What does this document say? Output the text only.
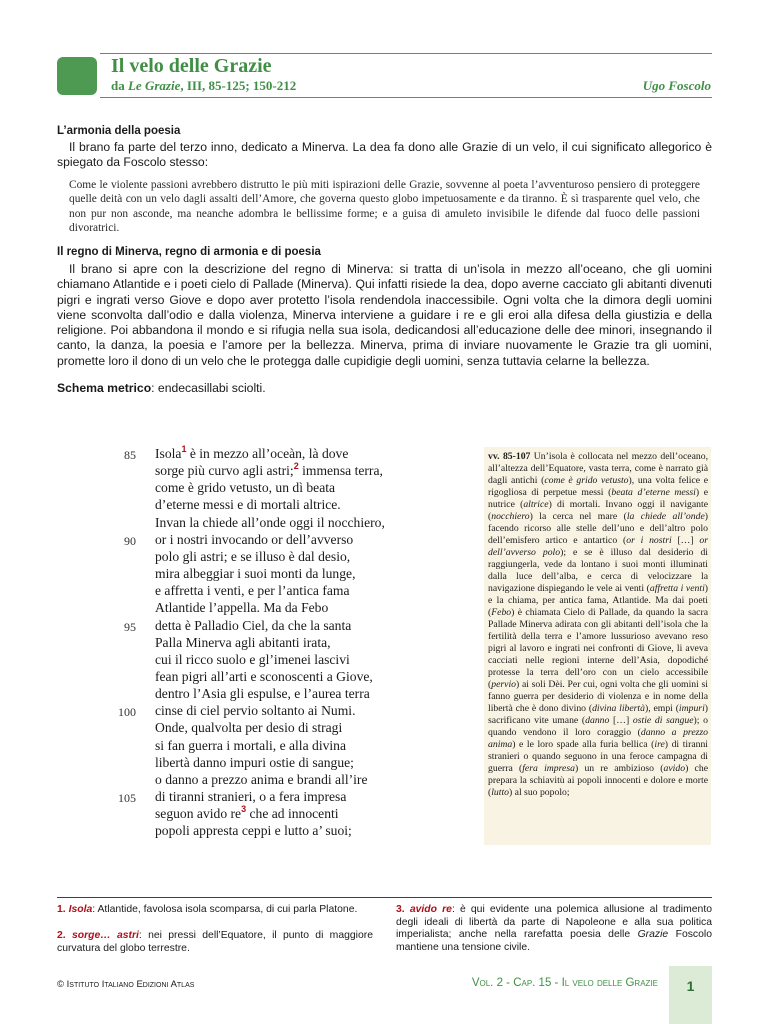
Il velo delle Grazie
da Le Grazie, III, 85-125; 150-212	Ugo Foscolo
L’armonia della poesia
Il brano fa parte del terzo inno, dedicato a Minerva. La dea fa dono alle Grazie di un velo, il cui significato allegorico è spiegato da Foscolo stesso:
Come le violente passioni avrebbero distrutto le più miti ispirazioni delle Grazie, sovvenne al poeta l’avventuroso pensiero di proteggere quelle deità con un velo dagli assalti dell’Amore, che governa questo globo impetuosamente e da tiranno. È sì trasparente quel velo, che non pur non asconde, ma neanche adombra le bellissime forme; e a guisa di amuleto invisibile le difende dal fuoco delle passioni divoratrici.
Il regno di Minerva, regno di armonia e di poesia
Il brano si apre con la descrizione del regno di Minerva: si tratta di un’isola in mezzo all’oceano, che gli uomini chiamano Atlantide e i poeti cielo di Pallade (Minerva). Qui infatti risiede la dea, dopo averne cacciato gli abitanti divenuti pigri e ingrati verso Giove e dopo aver protetto l’isola rendendola inaccessibile. Ogni volta che la dimora degli uomini viene sconvolta dall’odio e dalla violenza, Minerva interviene a guidare i re e gli eroi alla difesa della giustizia e della religione. Poi abbandona il mondo e si rifugia nella sua isola, dedicandosi all’educazione delle dee minori, insegnando il canto, la danza, la poesia e l’amore per la bellezza. Minerva, prima di inviare nuovamente le Grazie tra gli uomini, promette loro il dono di un velo che le protegga dalle cupidigie degli uomini, senza tuttavia celarne la bellezza.
Schema metrico: endecasillabi sciolti.
85 Isola$^1$ è in mezzo all’oceàn, là dove
sorge più curvo agli astri;$^2$ immensa terra,
come è grido vetusto, un dì beata
d’eterne messi e di mortali altrice.
Invan la chiede all’onde oggi il nocchiero,
90 or i nostri invocando or dell’avverso
polo gli astri; e se illuso è dal desio,
mira albeggiar i suoi monti da lunge,
e affretta i venti, e per l’antica fama
Atlantide l’appella. Ma da Febo
95 detta è Palladio Ciel, da che la santa
Palla Minerva agli abitanti irata,
cui il ricco suolo e gl’imenei lascivi
fean pigri all’arti e sconoscenti a Giove,
dentro l’Asia gli espulse, e l’aurea terra
100 cinse di ciel pervio soltanto ai Numi.
Onde, qualvolta per desio di stragi
si fan guerra i mortali, e alla divina
libertà danno impuri ostie di sangue;
o danno a prezzo anima e brandi all’ire
105 di tiranni stranieri, o a fera impresa
seguon avido re$^3$ che ad innocenti
popoli appresta ceppi e lutto a’ suoi;
vv. 85-107 Un’isola è collocata nel mezzo dell’oceano, all’altezza dell’Equatore, vasta terra, come è narrato già dagli antichi (come è grido vetusto), una volta felice e rigogliosa di perpetue messi (beata d’eterne messi) e nutrice (altrice) di mortali. Invano oggi il navigante (nocchiero) la cerca nel mare (la chiede all’onde) facendo ricorso alle stelle dell’uno e dell’altro polo dell’emisfero artico e antartico (or i nostri […] or dell’avverso polo); e se è illuso dal desiderio di raggiungerla, vede da lontano i suoi monti illuminati dalla luce dell’alba, e cerca di velocizzare la navigazione dispiegando le vele ai venti (affretta i venti) e la chiama, per antica fama, Atlantide. Ma dai poeti (Febo) è chiamata Cielo di Pallade, da quando la sacra Pallade Minerva adirata con gli abitanti dell’isola che la fertilità della terra e l’amore lussurioso avevano reso pigri al lavoro e ingrati nei confronti di Giove, li aveva cacciati nelle regioni interne dell’Asia, dopodiché protesse la terra dell’oro con un cielo accessibile (pervio) ai soli Dèi. Per cui, ogni volta che gli uomini si fanno guerra per desiderio di violenza e in nome della libertà che è dono divino (divina libertà), empi (impuri) sacrificano vite umane (danno […] ostie di sangue); o quando vendono il loro coraggio (danno a prezzo anima) e le loro spade alla furia bellica (ire) di tiranni stranieri o quando seguono in una feroce campagna di guerra (fera impresa) un re ambizioso (avido) che prepara la schiavitù ai popoli innocenti e dolore e morte (lutto) al suo popolo;
1. Isola: Atlantide, favolosa isola scomparsa, di cui parla Platone.
2. sorge… astri: nei pressi dell’Equatore, il punto di maggiore curvatura del globo terrestre.
3. avido re: è qui evidente una polemica allusione al tradimento degli ideali di libertà da parte di Napoleone e alla sua politica imperialista; anche nella rarefatta poesia delle Grazie Foscolo mantiene una tensione civile.
© Istituto Italiano Edizioni Atlas	Vol. 2 - Cap. 15 - Il velo delle Grazie	1
